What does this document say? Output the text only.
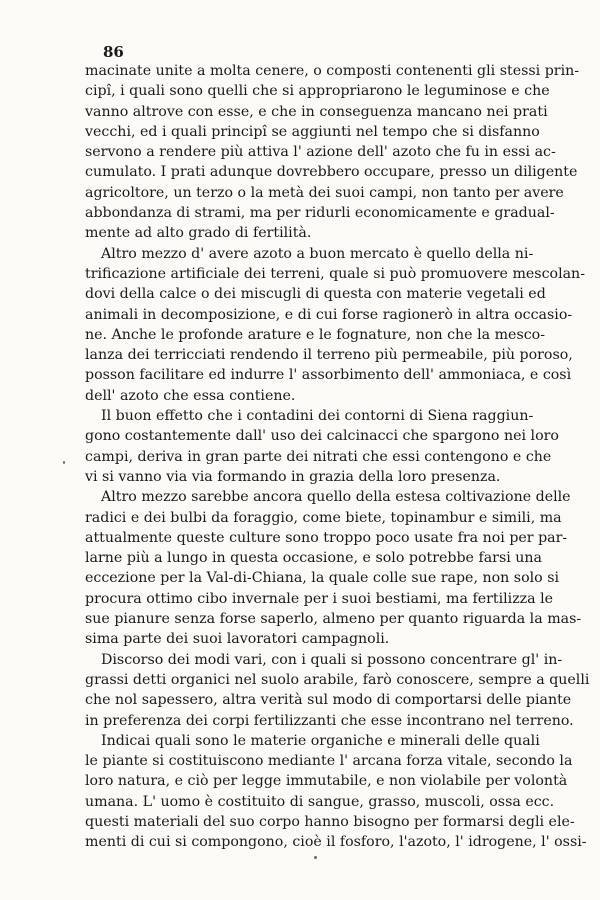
86
macinate unite a molta cenere, o composti contenenti gli stessi prin-
cipî, i quali sono quelli che si appropriarono le leguminose e che
vanno altrove con esse, e che in conseguenza mancano nei prati
vecchi, ed i quali principî se aggiunti nel tempo che si disfanno
servono a rendere più attiva l' azione dell' azoto che fu in essi ac-
cumulato. I prati adunque dovrebbero occupare, presso un diligente
agricoltore, un terzo o la metà dei suoi campi, non tanto per avere
abbondanza di strami, ma per ridurli economicamente e gradual-
mente ad alto grado di fertilità.
Altro mezzo d' avere azoto a buon mercato è quello della ni-
trificazione artificiale dei terreni, quale si può promuovere mescolan-
dovi della calce o dei miscugli di questa con materie vegetali ed
animali in decomposizione, e di cui forse ragionerò in altra occasio-
ne. Anche le profonde arature e le fognature, non che la mesco-
lanza dei terricciati rendendo il terreno più permeabile, più poroso,
posson facilitare ed indurre l' assorbimento dell' ammoniaca, e così
dell' azoto che essa contiene.
Il buon effetto che i contadini dei contorni di Siena raggiun-
gono costantemente dall' uso dei calcinacci che spargono nei loro
campi, deriva in gran parte dei nitrati che essi contengono e che
vi si vanno via via formando in grazia della loro presenza.
Altro mezzo sarebbe ancora quello della estesa coltivazione delle
radici e dei bulbi da foraggio, come biete, topinambur e simili, ma
attualmente queste culture sono troppo poco usate fra noi per par-
larne più a lungo in questa occasione, e solo potrebbe farsi una
eccezione per la Val-di-Chiana, la quale colle sue rape, non solo si
procura ottimo cibo invernale per i suoi bestiami, ma fertilizza le
sue pianure senza forse saperlo, almeno per quanto riguarda la mas-
sima parte dei suoi lavoratori campagnoli.
Discorso dei modi vari, con i quali si possono concentrare gl' in-
grassi detti organici nel suolo arabile, farò conoscere, sempre a quelli
che nol sapessero, altra verità sul modo di comportarsi delle piante
in preferenza dei corpi fertilizzanti che esse incontrano nel terreno.
Indicai quali sono le materie organiche e minerali delle quali
le piante si costituiscono mediante l' arcana forza vitale, secondo la
loro natura, e ciò per legge immutabile, e non violabile per volontà
umana. L' uomo è costituito di sangue, grasso, muscoli, ossa ecc.
questi materiali del suo corpo hanno bisogno per formarsi degli ele-
menti di cui si compongono, cioè il fosforo, l'azoto, l' idrogene, l' ossi-
